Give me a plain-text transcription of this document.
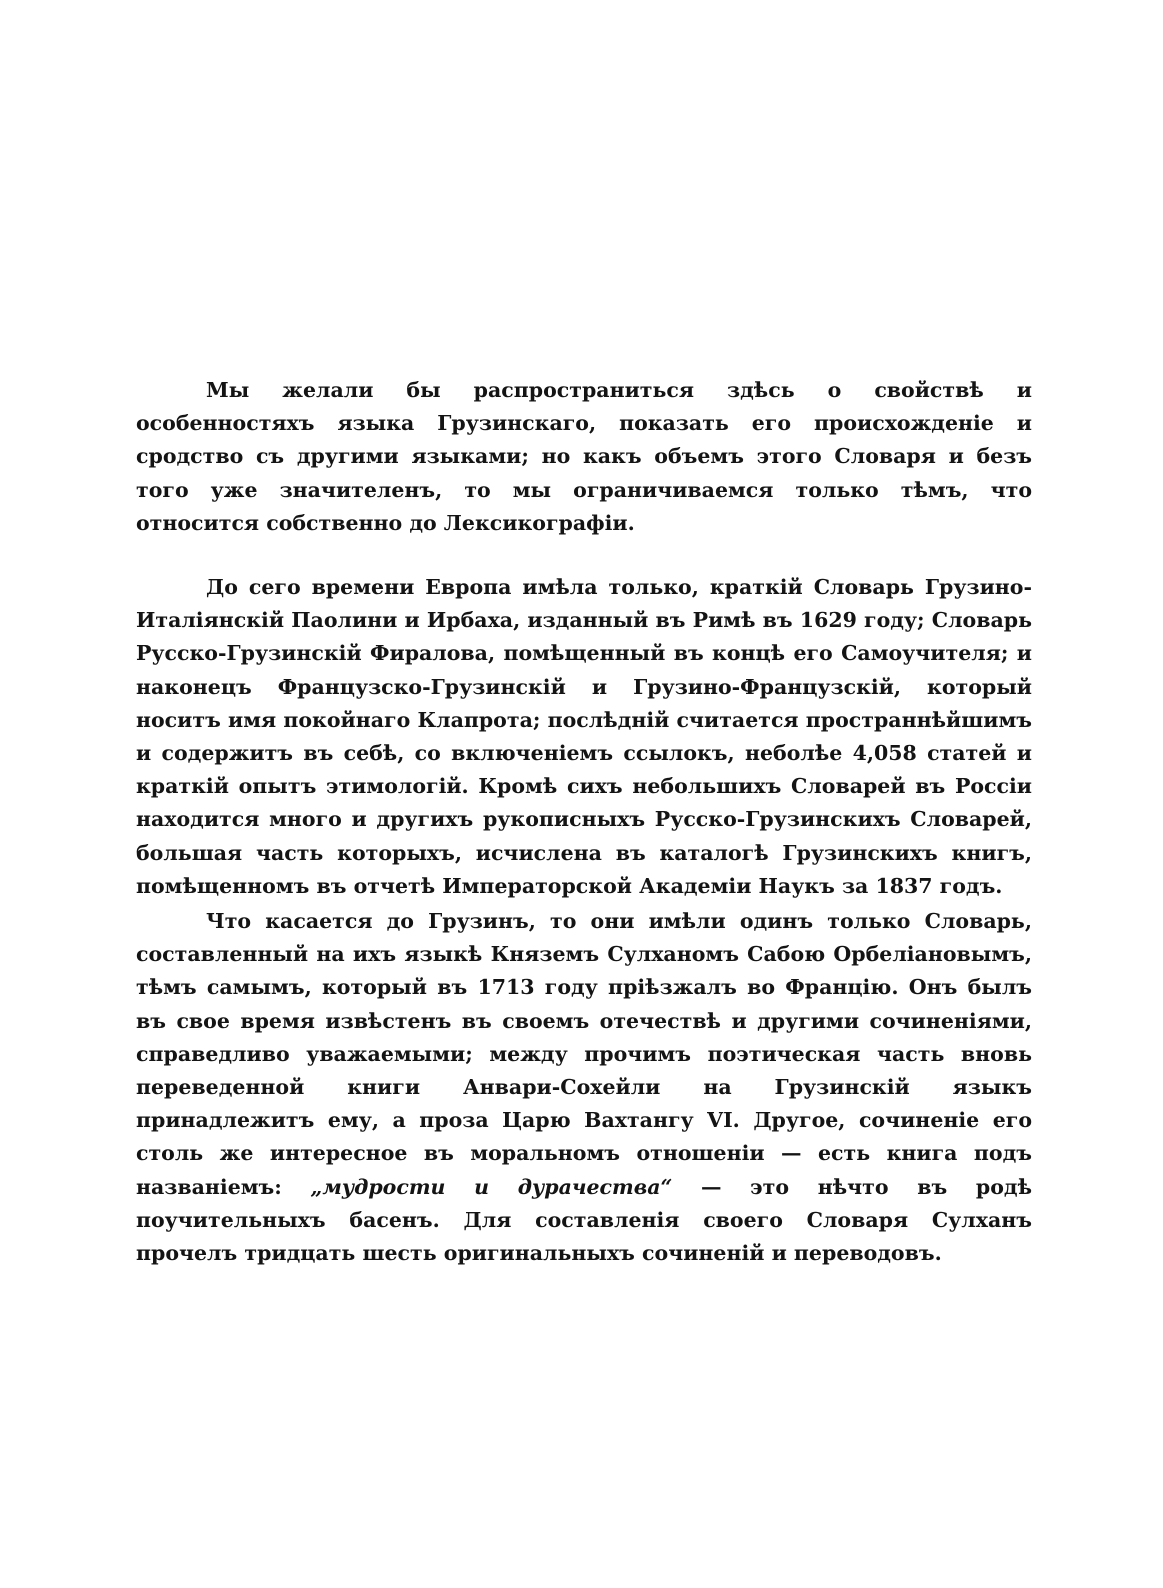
Мы желали бы распространиться здѣсь о свойствѣ и особенностяхъ языка Грузинскаго, показать его происхожденiе и сродство съ другими языками; но какъ объемъ этого Словаря и безъ того уже значителенъ, то мы ограничиваемся только тѣмъ, что относится собственно до Лексикографiи.

До сего времени Европа имѣла только, краткiй Словарь Грузино-Италiянскiй Паолини и Ирбаха, изданный въ Римѣ въ 1629 году; Словарь Русско-Грузинскiй Фиралова, помѣщенный въ концѣ его Самоучителя; и наконецъ Французско-Грузинскiй и Грузино-Французскiй, который носитъ имя покойнаго Клапрота; послѣднiй считается пространнѣйшимъ и содержитъ въ себѣ, со включенiемъ ссылокъ, неболѣе 4,058 статей и краткiй опытъ этимологiй. Кромѣ сихъ небольшихъ Словарей въ Россiи находится много и другихъ рукописныхъ Русско-Грузинскихъ Словарей, большая часть которыхъ, исчислена въ каталогѣ Грузинскихъ книгъ, помѣщенномъ въ отчетѣ Императорской Академiи Наукъ за 1837 годъ.

Что касается до Грузинъ, то они имѣли одинъ только Словарь, составленный на ихъ языкѣ Княземъ Сулханомъ Сабою Орбелiановымъ, тѣмъ самымъ, который въ 1713 году прiѣзжалъ во Францiю. Онъ былъ въ свое время извѣстенъ въ своемъ отечествѣ и другими сочиненiями, справедливо уважаемыми; между прочимъ поэтическая часть вновь переведенной книги Анвари-Сохейли на Грузинскiй языкъ принадлежитъ ему, а проза Царю Вахтангу VI. Другое, сочиненiе его столь же интересное въ моральномъ отношенiи — есть книга подъ названiемъ: „мудрости и дурачества“ — это нѣчто въ родѣ поучительныхъ басенъ. Для составленiя своего Словаря Сулханъ прочелъ тридцать шесть оригинальныхъ сочиненiй и переводовъ.
